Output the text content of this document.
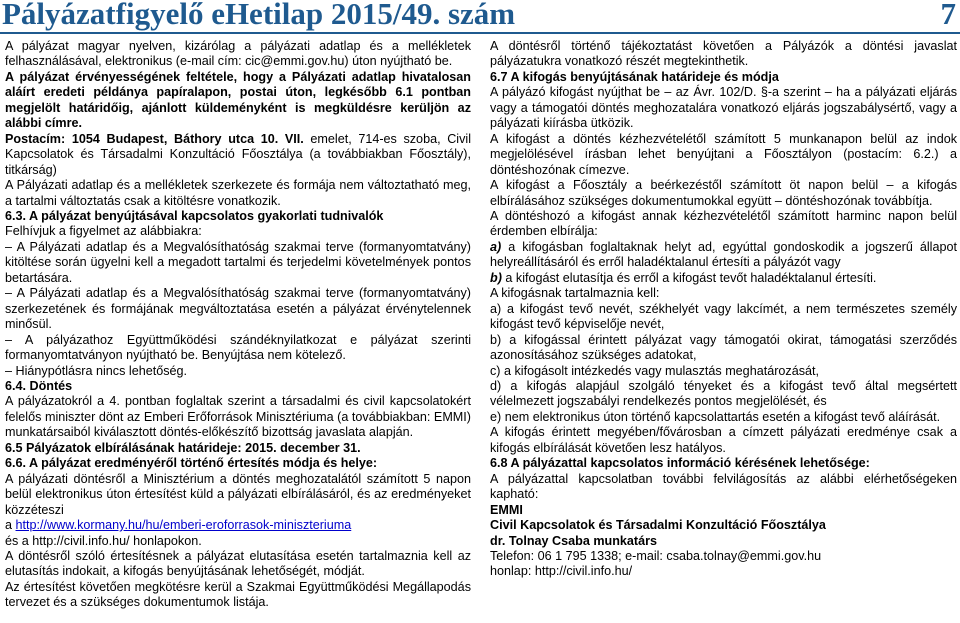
Pályázatfigyelő eHetilap 2015/49. szám	7

A pályázat magyar nyelven, kizárólag a pályázati adatlap és a mellékletek felhasználásával, elektronikus (e-mail cím: cic@emmi.gov.hu) úton nyújtható be.

A pályázat érvényességének feltétele, hogy a Pályázati adatlap hivatalosan aláírt eredeti példánya papíralapon, postai úton, legkésőbb 6.1 pontban megjelölt határidőig, ajánlott küldeményként is megküldésre kerüljön az alábbi címre.

Postacím: 1054 Budapest, Báthory utca 10. VII. emelet, 714-es szoba, Civil Kapcsolatok és Társadalmi Konzultáció Főosztálya (a továbbiakban Főosztály), titkárság)

A Pályázati adatlap és a mellékletek szerkezete és formája nem változtatható meg, a tartalmi változtatás csak a kitöltésre vonatkozik.

6.3. A pályázat benyújtásával kapcsolatos gyakorlati tudnivalók

Felhívjuk a figyelmet az alábbiakra:

– A Pályázati adatlap és a Megvalósíthatóság szakmai terve (formanyomtatvány) kitöltése során ügyelni kell a megadott tartalmi és terjedelmi követelmények pontos betartására.

– A Pályázati adatlap és a Megvalósíthatóság szakmai terve (formanyomtatvány) szerkezetének és formájának megváltoztatása esetén a pályázat érvénytelennek minősül.

– A pályázathoz Együttműködési szándéknyilatkozat e pályázat szerinti formanyomtatványon nyújtható be. Benyújtása nem kötelező.

– Hiánypótlásra nincs lehetőség.

6.4. Döntés

A pályázatokról a 4. pontban foglaltak szerint a társadalmi és civil kapcsolatokért felelős miniszter dönt az Emberi Erőforrások Minisztériuma (a továbbiakban: EMMI) munkatársaiból kiválasztott döntés-előkészítő bizottság javaslata alapján.

6.5 Pályázatok elbírálásának határideje: 2015. december 31.

6.6. A pályázat eredményéről történő értesítés módja és helye:

A pályázati döntésről a Minisztérium a döntés meghozatalától számított 5 napon belül elektronikus úton értesítést küld a pályázati elbírálásáról, és az eredményeket közzéteszi

a http://www.kormany.hu/hu/emberi-eroforrasok-miniszteriuma

és a http://civil.info.hu/ honlapokon.

A döntésről szóló értesítésnek a pályázat elutasítása esetén tartalmaznia kell az elutasítás indokait, a kifogás benyújtásának lehetőségét, módját.

Az értesítést követően megkötésre kerül a Szakmai Együttműködési Megállapodás tervezet és a szükséges dokumentumok listája.

A döntésről történő tájékoztatást követően a Pályázók a döntési javaslat pályázatukra vonatkozó részét megtekinthetik.

6.7 A kifogás benyújtásának határideje és módja

A pályázó kifogást nyújthat be – az Ávr. 102/D. §-a szerint – ha a pályázati eljárás vagy a támogatói döntés meghozatalára vonatkozó eljárás jogszabálysértő, vagy a pályázati kiírásba ütközik.

A kifogást a döntés kézhezvételétől számított 5 munkanapon belül az indok megjelölésével írásban lehet benyújtani a Főosztályon (postacím: 6.2.) a döntéshozónak címezve.

A kifogást a Főosztály a beérkezéstől számított öt napon belül – a kifogás elbírálásához szükséges dokumentumokkal együtt – döntéshozónak továbbítja.

A döntéshozó a kifogást annak kézhezvételétől számított harminc napon belül érdemben elbírálja:

a) a kifogásban foglaltaknak helyt ad, egyúttal gondoskodik a jogszerű állapot helyreállításáról és erről haladéktalanul értesíti a pályázót vagy

b) a kifogást elutasítja és erről a kifogást tevőt haladéktalanul értesíti.

A kifogásnak tartalmaznia kell:

a) a kifogást tevő nevét, székhelyét vagy lakcímét, a nem természetes személy kifogást tevő képviselője nevét,

b) a kifogással érintett pályázat vagy támogatói okirat, támogatási szerződés azonosításához szükséges adatokat,

c) a kifogásolt intézkedés vagy mulasztás meghatározását,

d) a kifogás alapjául szolgáló tényeket és a kifogást tevő által megsértett vélelmezett jogszabályi rendelkezés pontos megjelölését, és

e) nem elektronikus úton történő kapcsolattartás esetén a kifogást tevő aláírását.

A kifogás érintett megyében/fővárosban a címzett pályázati eredménye csak a kifogás elbírálását követően lesz hatályos.

6.8 A pályázattal kapcsolatos információ kérésének lehetősége:

A pályázattal kapcsolatban további felvilágosítás az alábbi elérhetőségeken kapható:

EMMI

Civil Kapcsolatok és Társadalmi Konzultáció Főosztálya

dr. Tolnay Csaba munkatárs

Telefon: 06 1 795 1338; e-mail: csaba.tolnay@emmi.gov.hu

honlap: http://civil.info.hu/
